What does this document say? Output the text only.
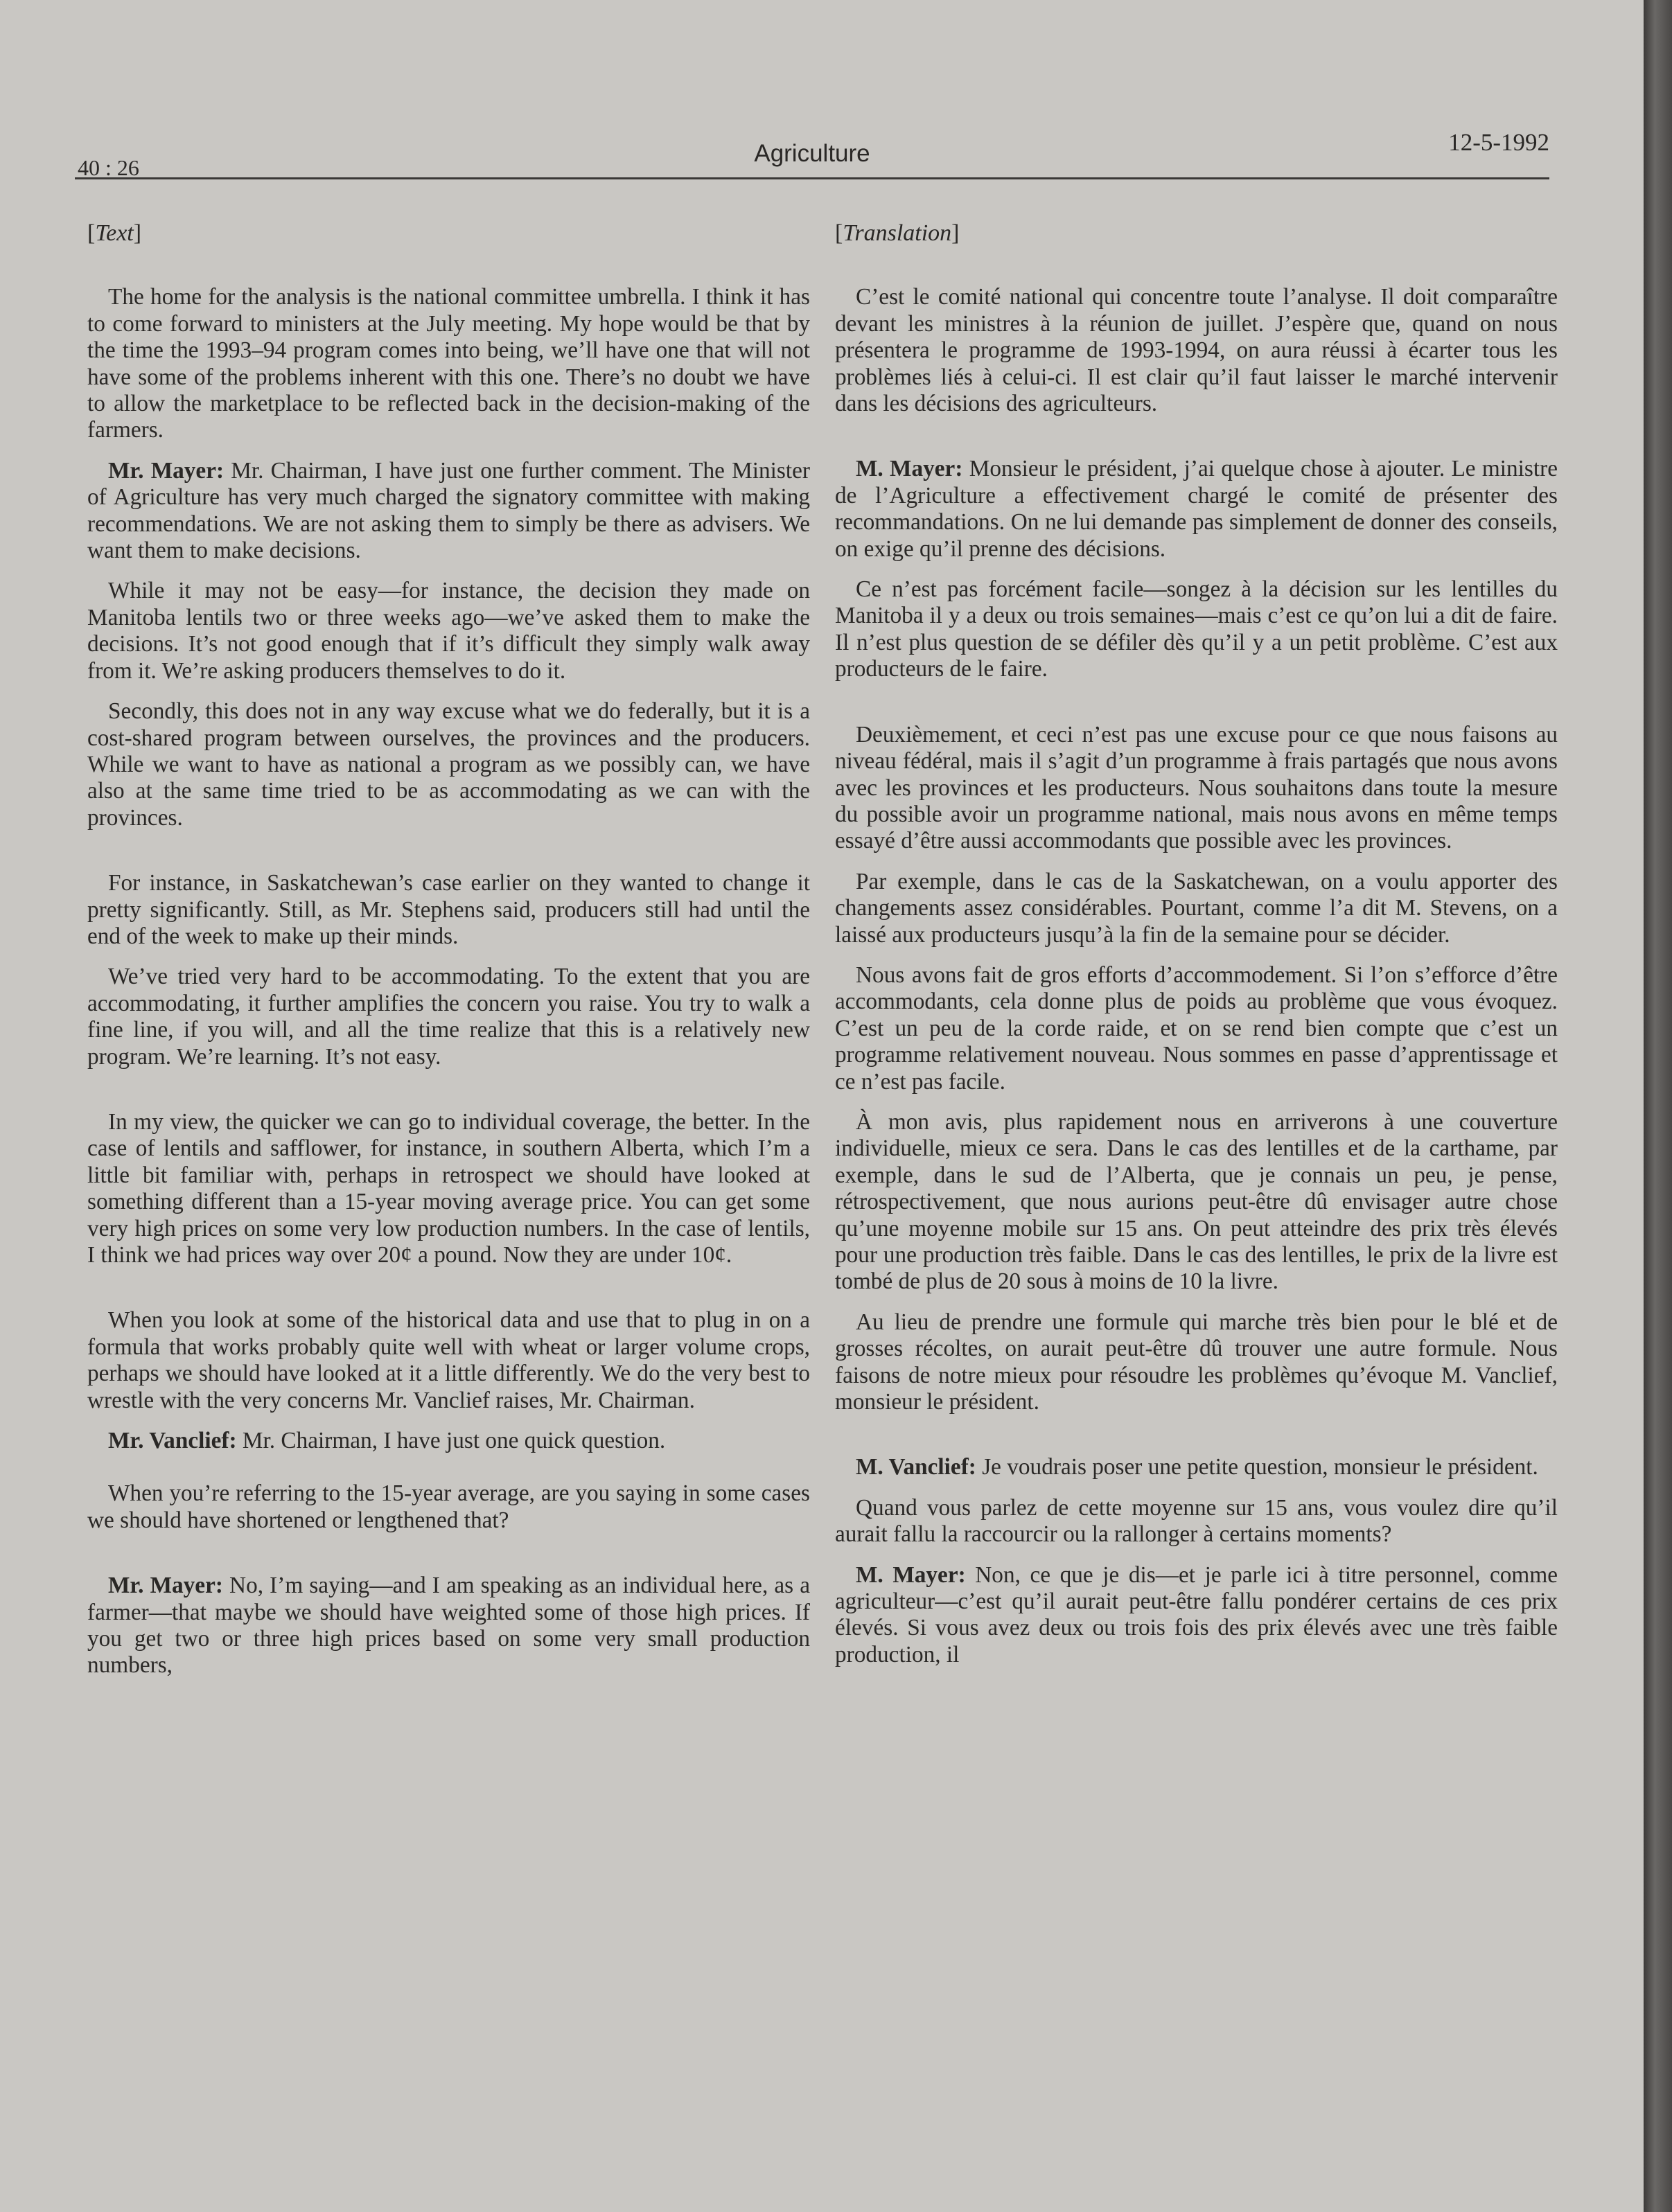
40 : 26
Agriculture	12-5-1992
[Text]

The home for the analysis is the national committee umbrella. I think it has to come forward to ministers at the July meeting. My hope would be that by the time the 1993–94 program comes into being, we’ll have one that will not have some of the problems inherent with this one. There’s no doubt we have to allow the marketplace to be reflected back in the decision-making of the farmers.

Mr. Mayer: Mr. Chairman, I have just one further comment. The Minister of Agriculture has very much charged the signatory committee with making recommendations. We are not asking them to simply be there as advisers. We want them to make decisions.

While it may not be easy—for instance, the decision they made on Manitoba lentils two or three weeks ago—we’ve asked them to make the decisions. It’s not good enough that if it’s difficult they simply walk away from it. We’re asking producers themselves to do it.

Secondly, this does not in any way excuse what we do federally, but it is a cost-shared program between ourselves, the provinces and the producers. While we want to have as national a program as we possibly can, we have also at the same time tried to be as accommodating as we can with the provinces.

For instance, in Saskatchewan’s case earlier on they wanted to change it pretty significantly. Still, as Mr. Stephens said, producers still had until the end of the week to make up their minds.

We’ve tried very hard to be accommodating. To the extent that you are accommodating, it further amplifies the concern you raise. You try to walk a fine line, if you will, and all the time realize that this is a relatively new program. We’re learning. It’s not easy.

In my view, the quicker we can go to individual coverage, the better. In the case of lentils and safflower, for instance, in southern Alberta, which I’m a little bit familiar with, perhaps in retrospect we should have looked at something different than a 15-year moving average price. You can get some very high prices on some very low production numbers. In the case of lentils, I think we had prices way over 20¢ a pound. Now they are under 10¢.

When you look at some of the historical data and use that to plug in on a formula that works probably quite well with wheat or larger volume crops, perhaps we should have looked at it a little differently. We do the very best to wrestle with the very concerns Mr. Vanclief raises, Mr. Chairman.

Mr. Vanclief: Mr. Chairman, I have just one quick question.

When you’re referring to the 15-year average, are you saying in some cases we should have shortened or lengthened that?

Mr. Mayer: No, I’m saying—and I am speaking as an individual here, as a farmer—that maybe we should have weighted some of those high prices. If you get two or three high prices based on some very small production numbers,

[Translation]

C’est le comité national qui concentre toute l’analyse. Il doit comparaître devant les ministres à la réunion de juillet. J’espère que, quand on nous présentera le programme de 1993-1994, on aura réussi à écarter tous les problèmes liés à celui-ci. Il est clair qu’il faut laisser le marché intervenir dans les décisions des agriculteurs.

M. Mayer: Monsieur le président, j’ai quelque chose à ajouter. Le ministre de l’Agriculture a effectivement chargé le comité de présenter des recommandations. On ne lui demande pas simplement de donner des conseils, on exige qu’il prenne des décisions.

Ce n’est pas forcément facile—songez à la décision sur les lentilles du Manitoba il y a deux ou trois semaines—mais c’est ce qu’on lui a dit de faire. Il n’est plus question de se défiler dès qu’il y a un petit problème. C’est aux producteurs de le faire.

Deuxièmement, et ceci n’est pas une excuse pour ce que nous faisons au niveau fédéral, mais il s’agit d’un programme à frais partagés que nous avons avec les provinces et les producteurs. Nous souhaitons dans toute la mesure du possible avoir un programme national, mais nous avons en même temps essayé d’être aussi accommodants que possible avec les provinces.

Par exemple, dans le cas de la Saskatchewan, on a voulu apporter des changements assez considérables. Pourtant, comme l’a dit M. Stevens, on a laissé aux producteurs jusqu’à la fin de la semaine pour se décider.

Nous avons fait de gros efforts d’accommodement. Si l’on s’efforce d’être accommodants, cela donne plus de poids au problème que vous évoquez. C’est un peu de la corde raide, et on se rend bien compte que c’est un programme relativement nouveau. Nous sommes en passe d’apprentissage et ce n’est pas facile.

À mon avis, plus rapidement nous en arriverons à une couverture individuelle, mieux ce sera. Dans le cas des lentilles et de la carthame, par exemple, dans le sud de l’Alberta, que je connais un peu, je pense, rétrospectivement, que nous aurions peut-être dû envisager autre chose qu’une moyenne mobile sur 15 ans. On peut atteindre des prix très élevés pour une production très faible. Dans le cas des lentilles, le prix de la livre est tombé de plus de 20 sous à moins de 10 la livre.

Au lieu de prendre une formule qui marche très bien pour le blé et de grosses récoltes, on aurait peut-être dû trouver une autre formule. Nous faisons de notre mieux pour résoudre les problèmes qu’évoque M. Vanclief, monsieur le président.

M. Vanclief: Je voudrais poser une petite question, monsieur le président.

Quand vous parlez de cette moyenne sur 15 ans, vous voulez dire qu’il aurait fallu la raccourcir ou la rallonger à certains moments?

M. Mayer: Non, ce que je dis—et je parle ici à titre personnel, comme agriculteur—c’est qu’il aurait peut-être fallu pondérer certains de ces prix élevés. Si vous avez deux ou trois fois des prix élevés avec une très faible production, il
